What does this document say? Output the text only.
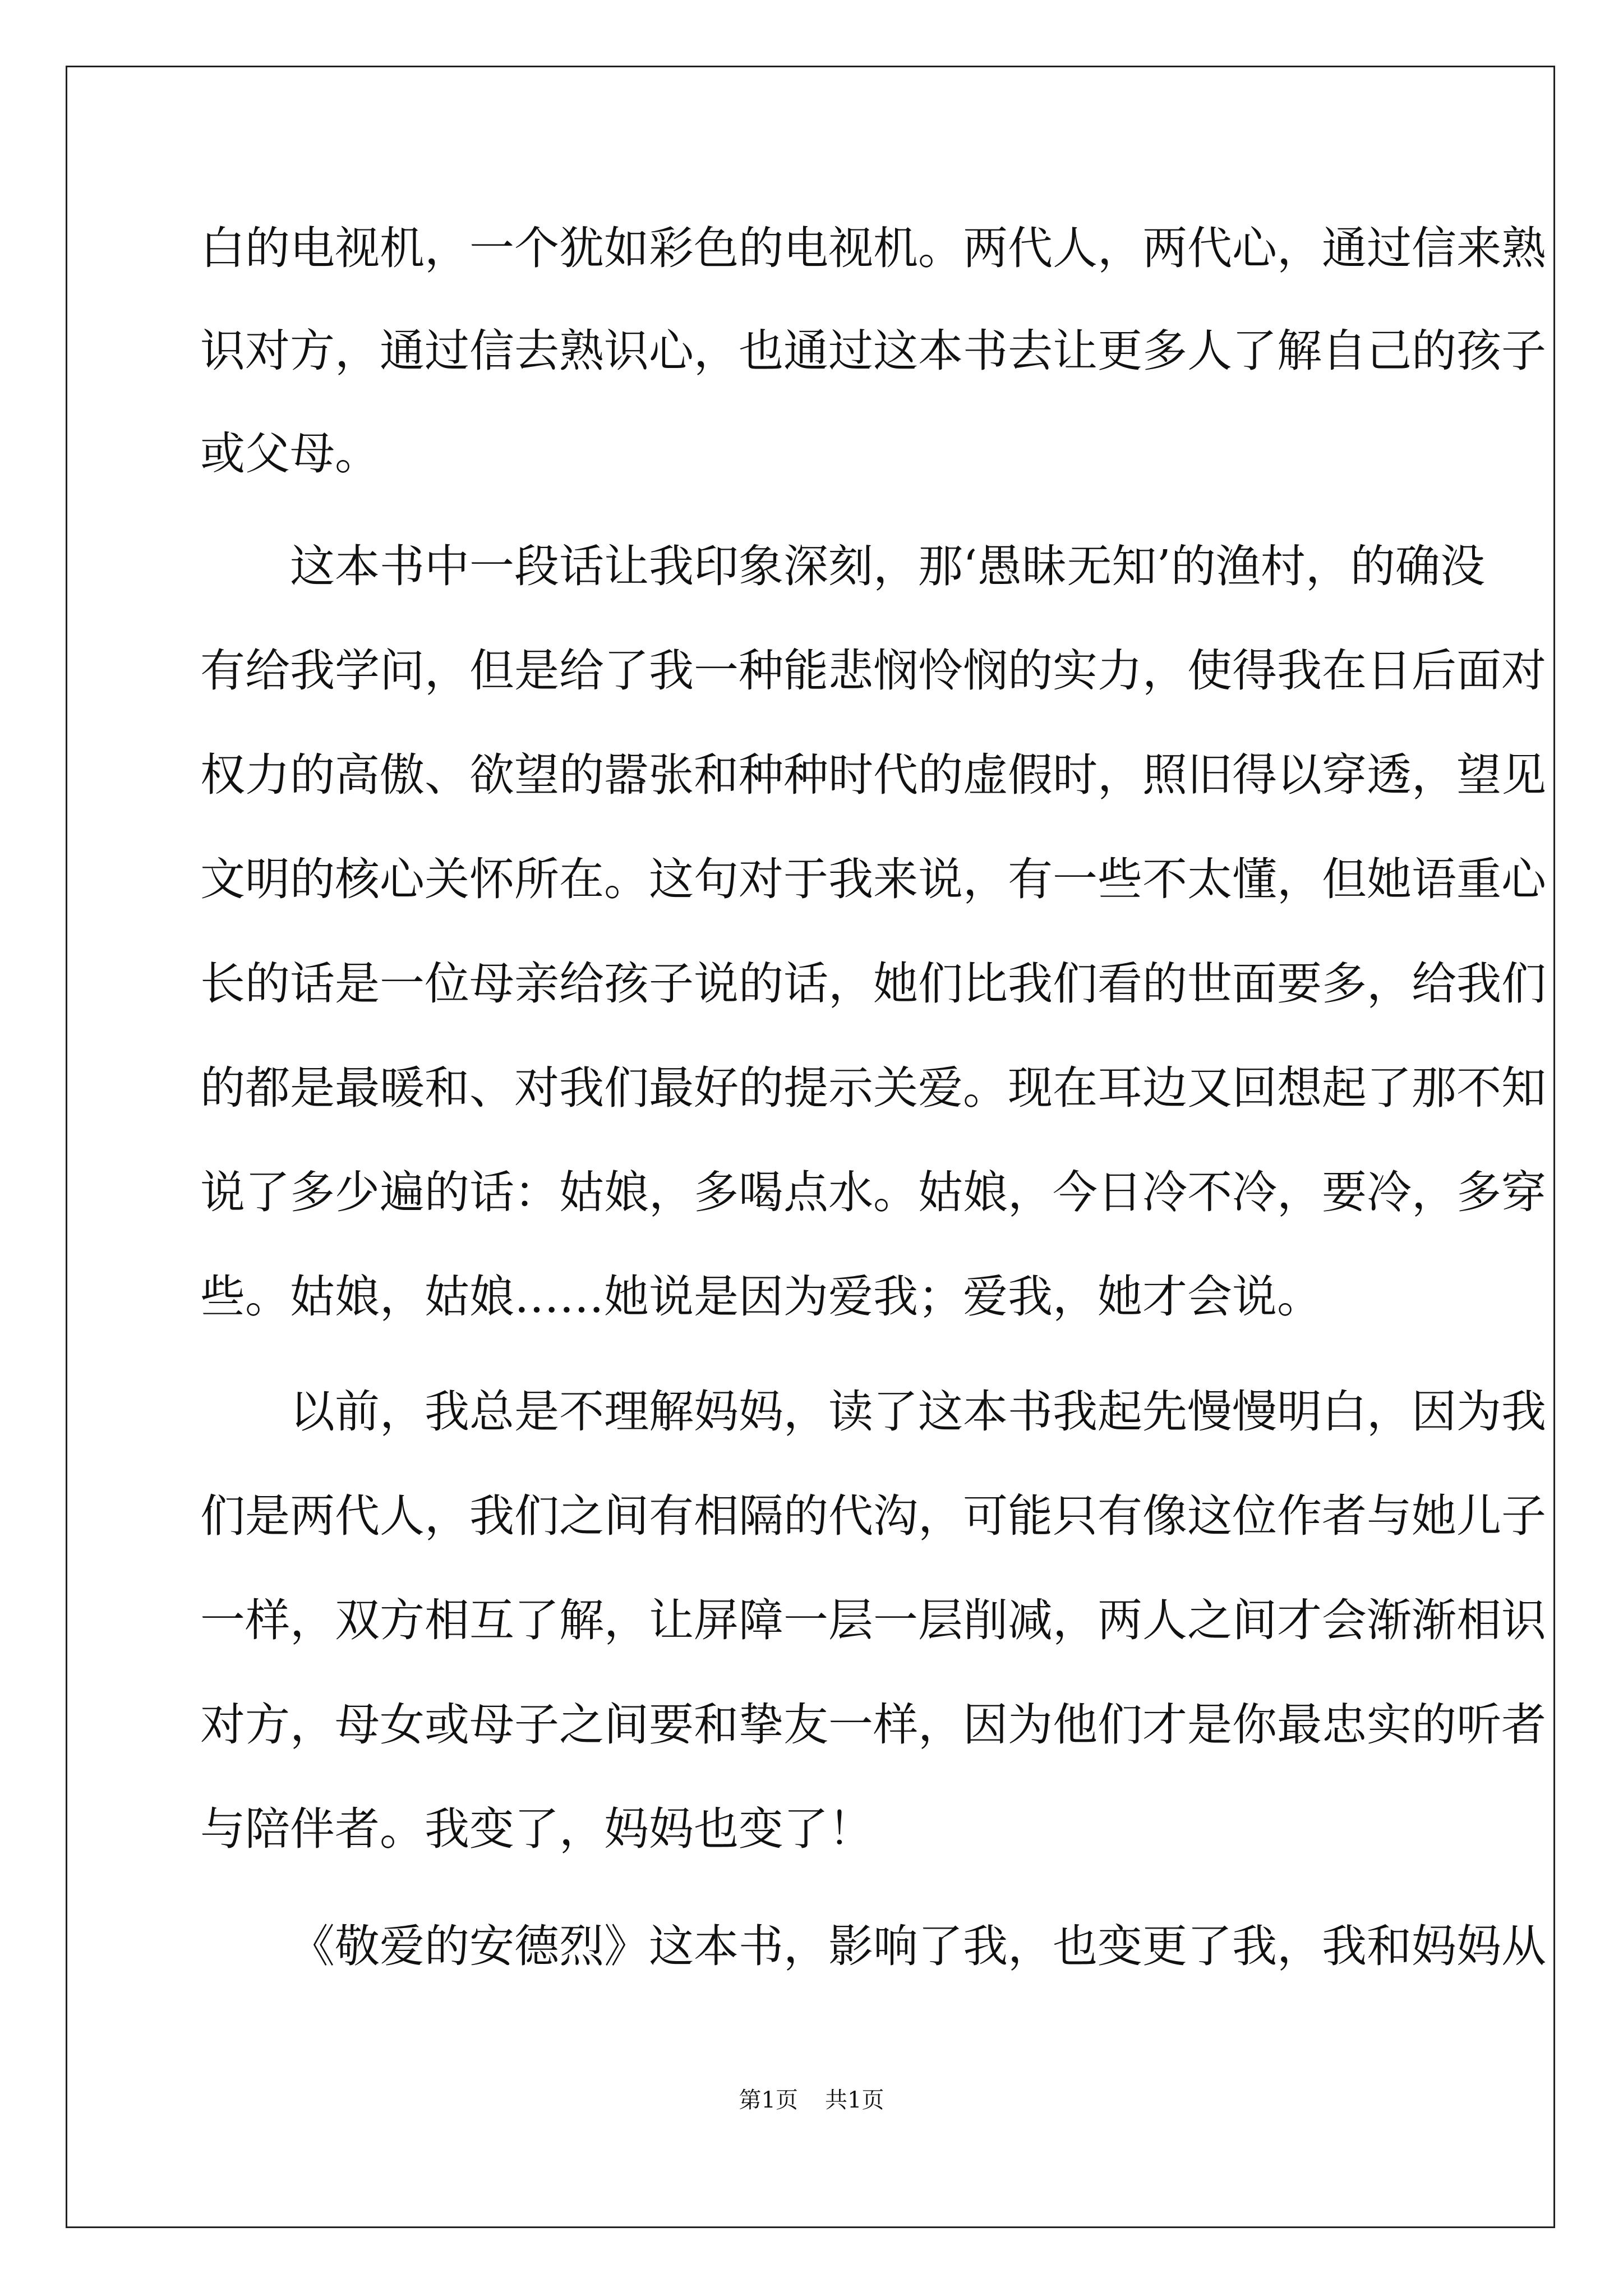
白的电视机，一个犹如彩色的电视机。两代人，两代心，通过信来熟

识对方，通过信去熟识心，也通过这本书去让更多人了解自己的孩子

或父母。

这本书中一段话让我印象深刻，那‘愚昧无知’的渔村，的确没

有给我学问，但是给了我一种能悲悯怜悯的实力，使得我在日后面对

权力的高傲、欲望的嚣张和种种时代的虚假时，照旧得以穿透，望见

文明的核心关怀所在。这句对于我来说，有一些不太懂，但她语重心

长的话是一位母亲给孩子说的话，她们比我们看的世面要多，给我们

的都是最暖和、对我们最好的提示关爱。现在耳边又回想起了那不知

说了多少遍的话：姑娘，多喝点水。姑娘，今日冷不冷，要冷，多穿

些。姑娘，姑娘……她说是因为爱我；爱我，她才会说。

以前，我总是不理解妈妈，读了这本书我起先慢慢明白，因为我

们是两代人，我们之间有相隔的代沟，可能只有像这位作者与她儿子

一样，双方相互了解，让屏障一层一层削减，两人之间才会渐渐相识

对方，母女或母子之间要和挚友一样，因为他们才是你最忠实的听者

与陪伴者。我变了，妈妈也变了！

《敬爱的安德烈》这本书，影响了我，也变更了我，我和妈妈从

第1页 共1页
